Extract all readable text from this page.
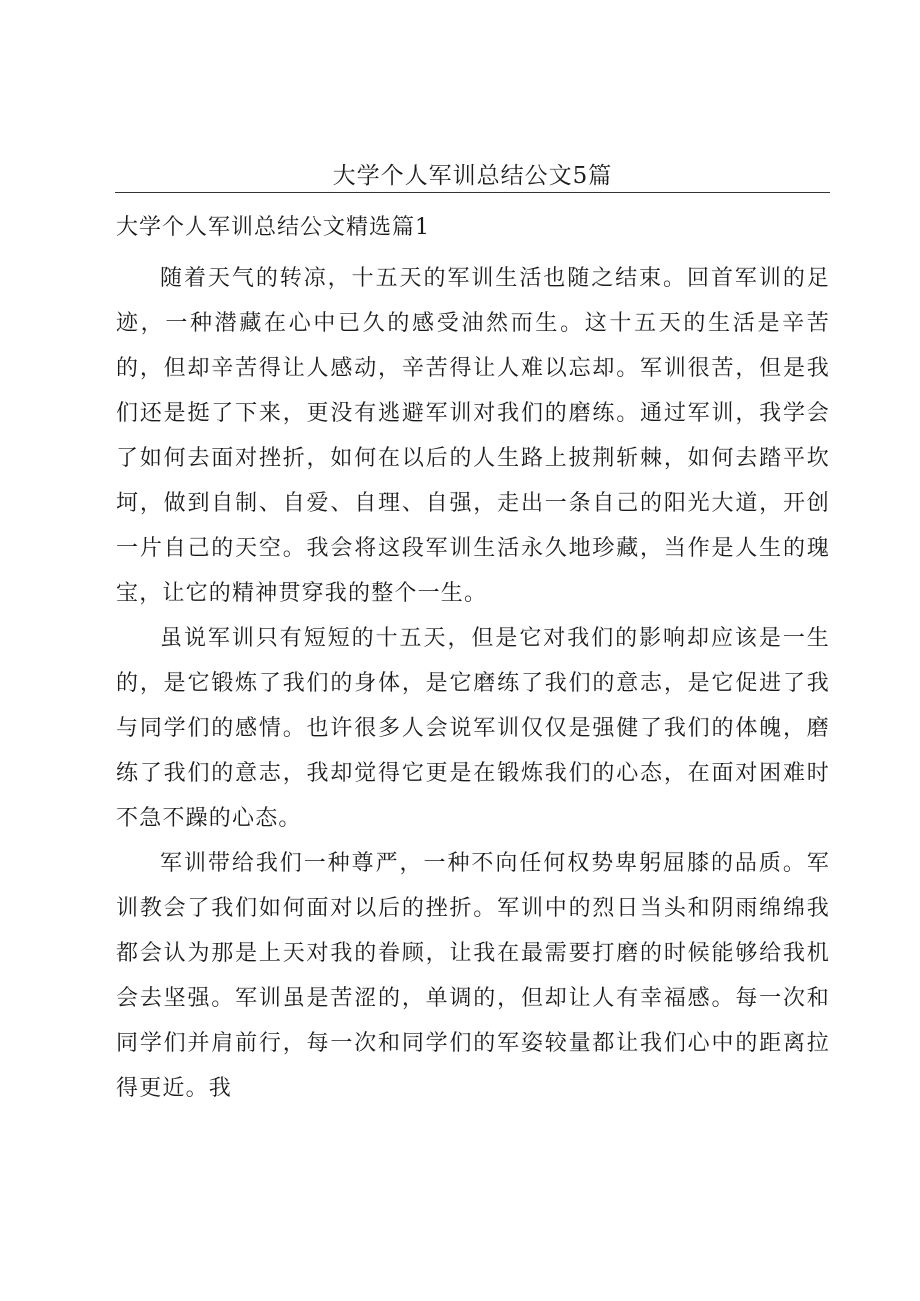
大学个人军训总结公文5篇
大学个人军训总结公文精选篇1

随着天气的转凉，十五天的军训生活也随之结束。回首军训的足迹，一种潜藏在心中已久的感受油然而生。这十五天的生活是辛苦的，但却辛苦得让人感动，辛苦得让人难以忘却。军训很苦，但是我们还是挺了下来，更没有逃避军训对我们的磨练。通过军训，我学会了如何去面对挫折，如何在以后的人生路上披荆斩棘，如何去踏平坎坷，做到自制、自爱、自理、自强，走出一条自己的阳光大道，开创一片自己的天空。我会将这段军训生活永久地珍藏，当作是人生的瑰宝，让它的精神贯穿我的整个一生。

虽说军训只有短短的十五天，但是它对我们的影响却应该是一生的，是它锻炼了我们的身体，是它磨练了我们的意志，是它促进了我与同学们的感情。也许很多人会说军训仅仅是强健了我们的体魄，磨练了我们的意志，我却觉得它更是在锻炼我们的心态，在面对困难时不急不躁的心态。

军训带给我们一种尊严，一种不向任何权势卑躬屈膝的品质。军训教会了我们如何面对以后的挫折。军训中的烈日当头和阴雨绵绵我都会认为那是上天对我的眷顾，让我在最需要打磨的时候能够给我机会去坚强。军训虽是苦涩的，单调的，但却让人有幸福感。每一次和同学们并肩前行，每一次和同学们的军姿较量都让我们心中的距离拉得更近。我
